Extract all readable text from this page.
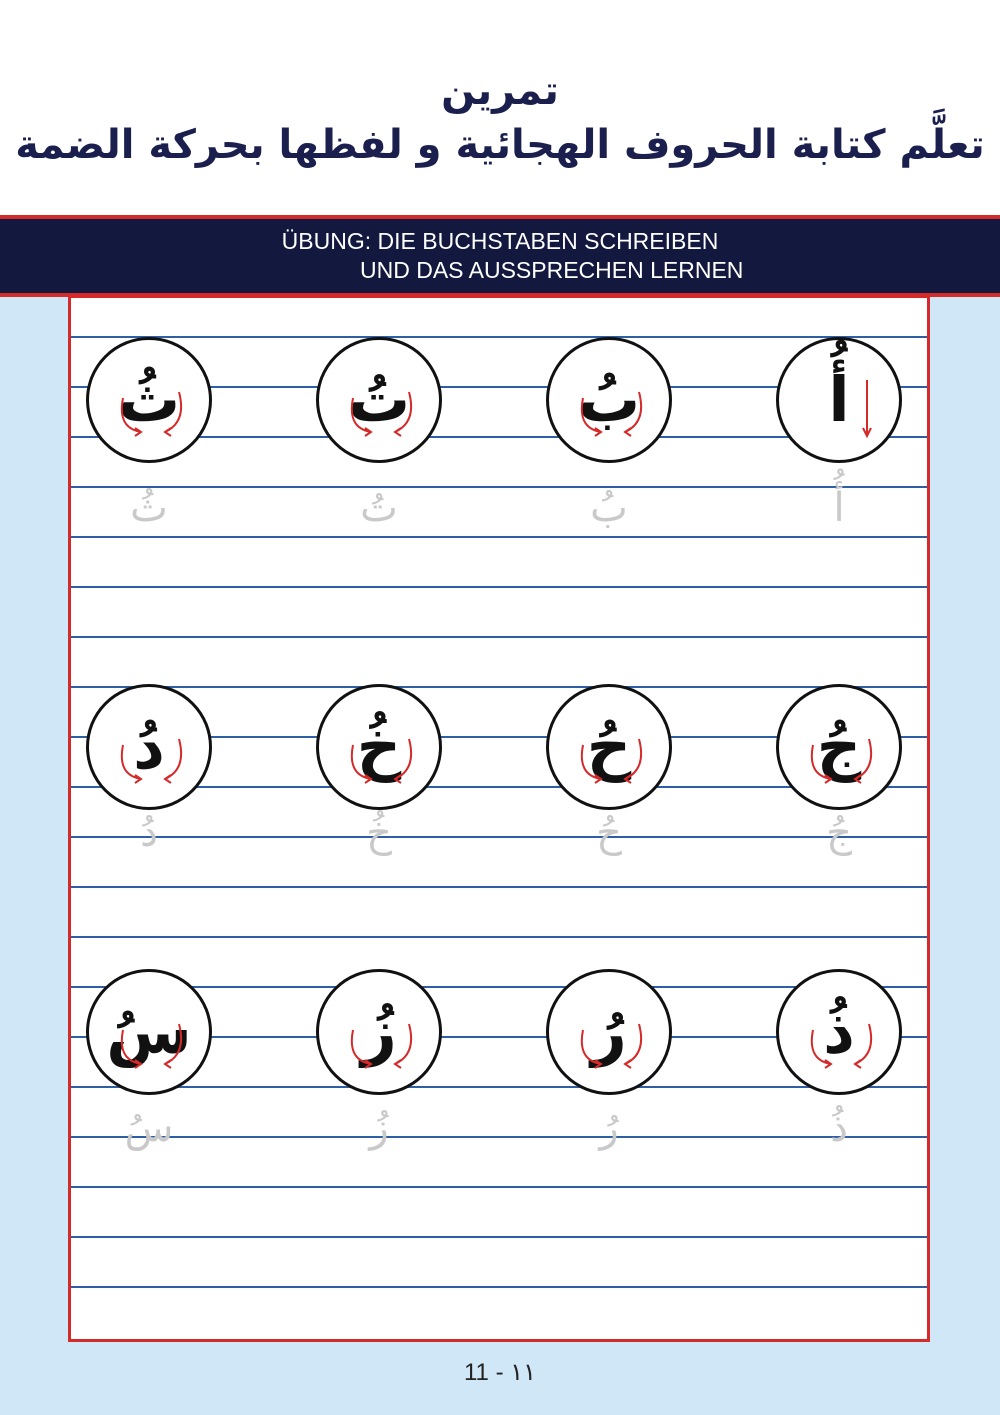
تمرين
تعلَّم كتابة الحروف الهجائية و لفظها بحركة الضمة
ÜBUNG: DIE BUCHSTABEN SCHREIBEN
UND DAS AUSSPRECHEN LERNEN
أُ
أُ
بُ
بُ
تُ
تُ
ثُ
ثُ
جُ
جُ
حُ
حُ
خُ
خُ
دُ
دُ
ذُ
ذُ
رُ
رُ
زُ
زُ
سُ
سُ
11 - ١١
